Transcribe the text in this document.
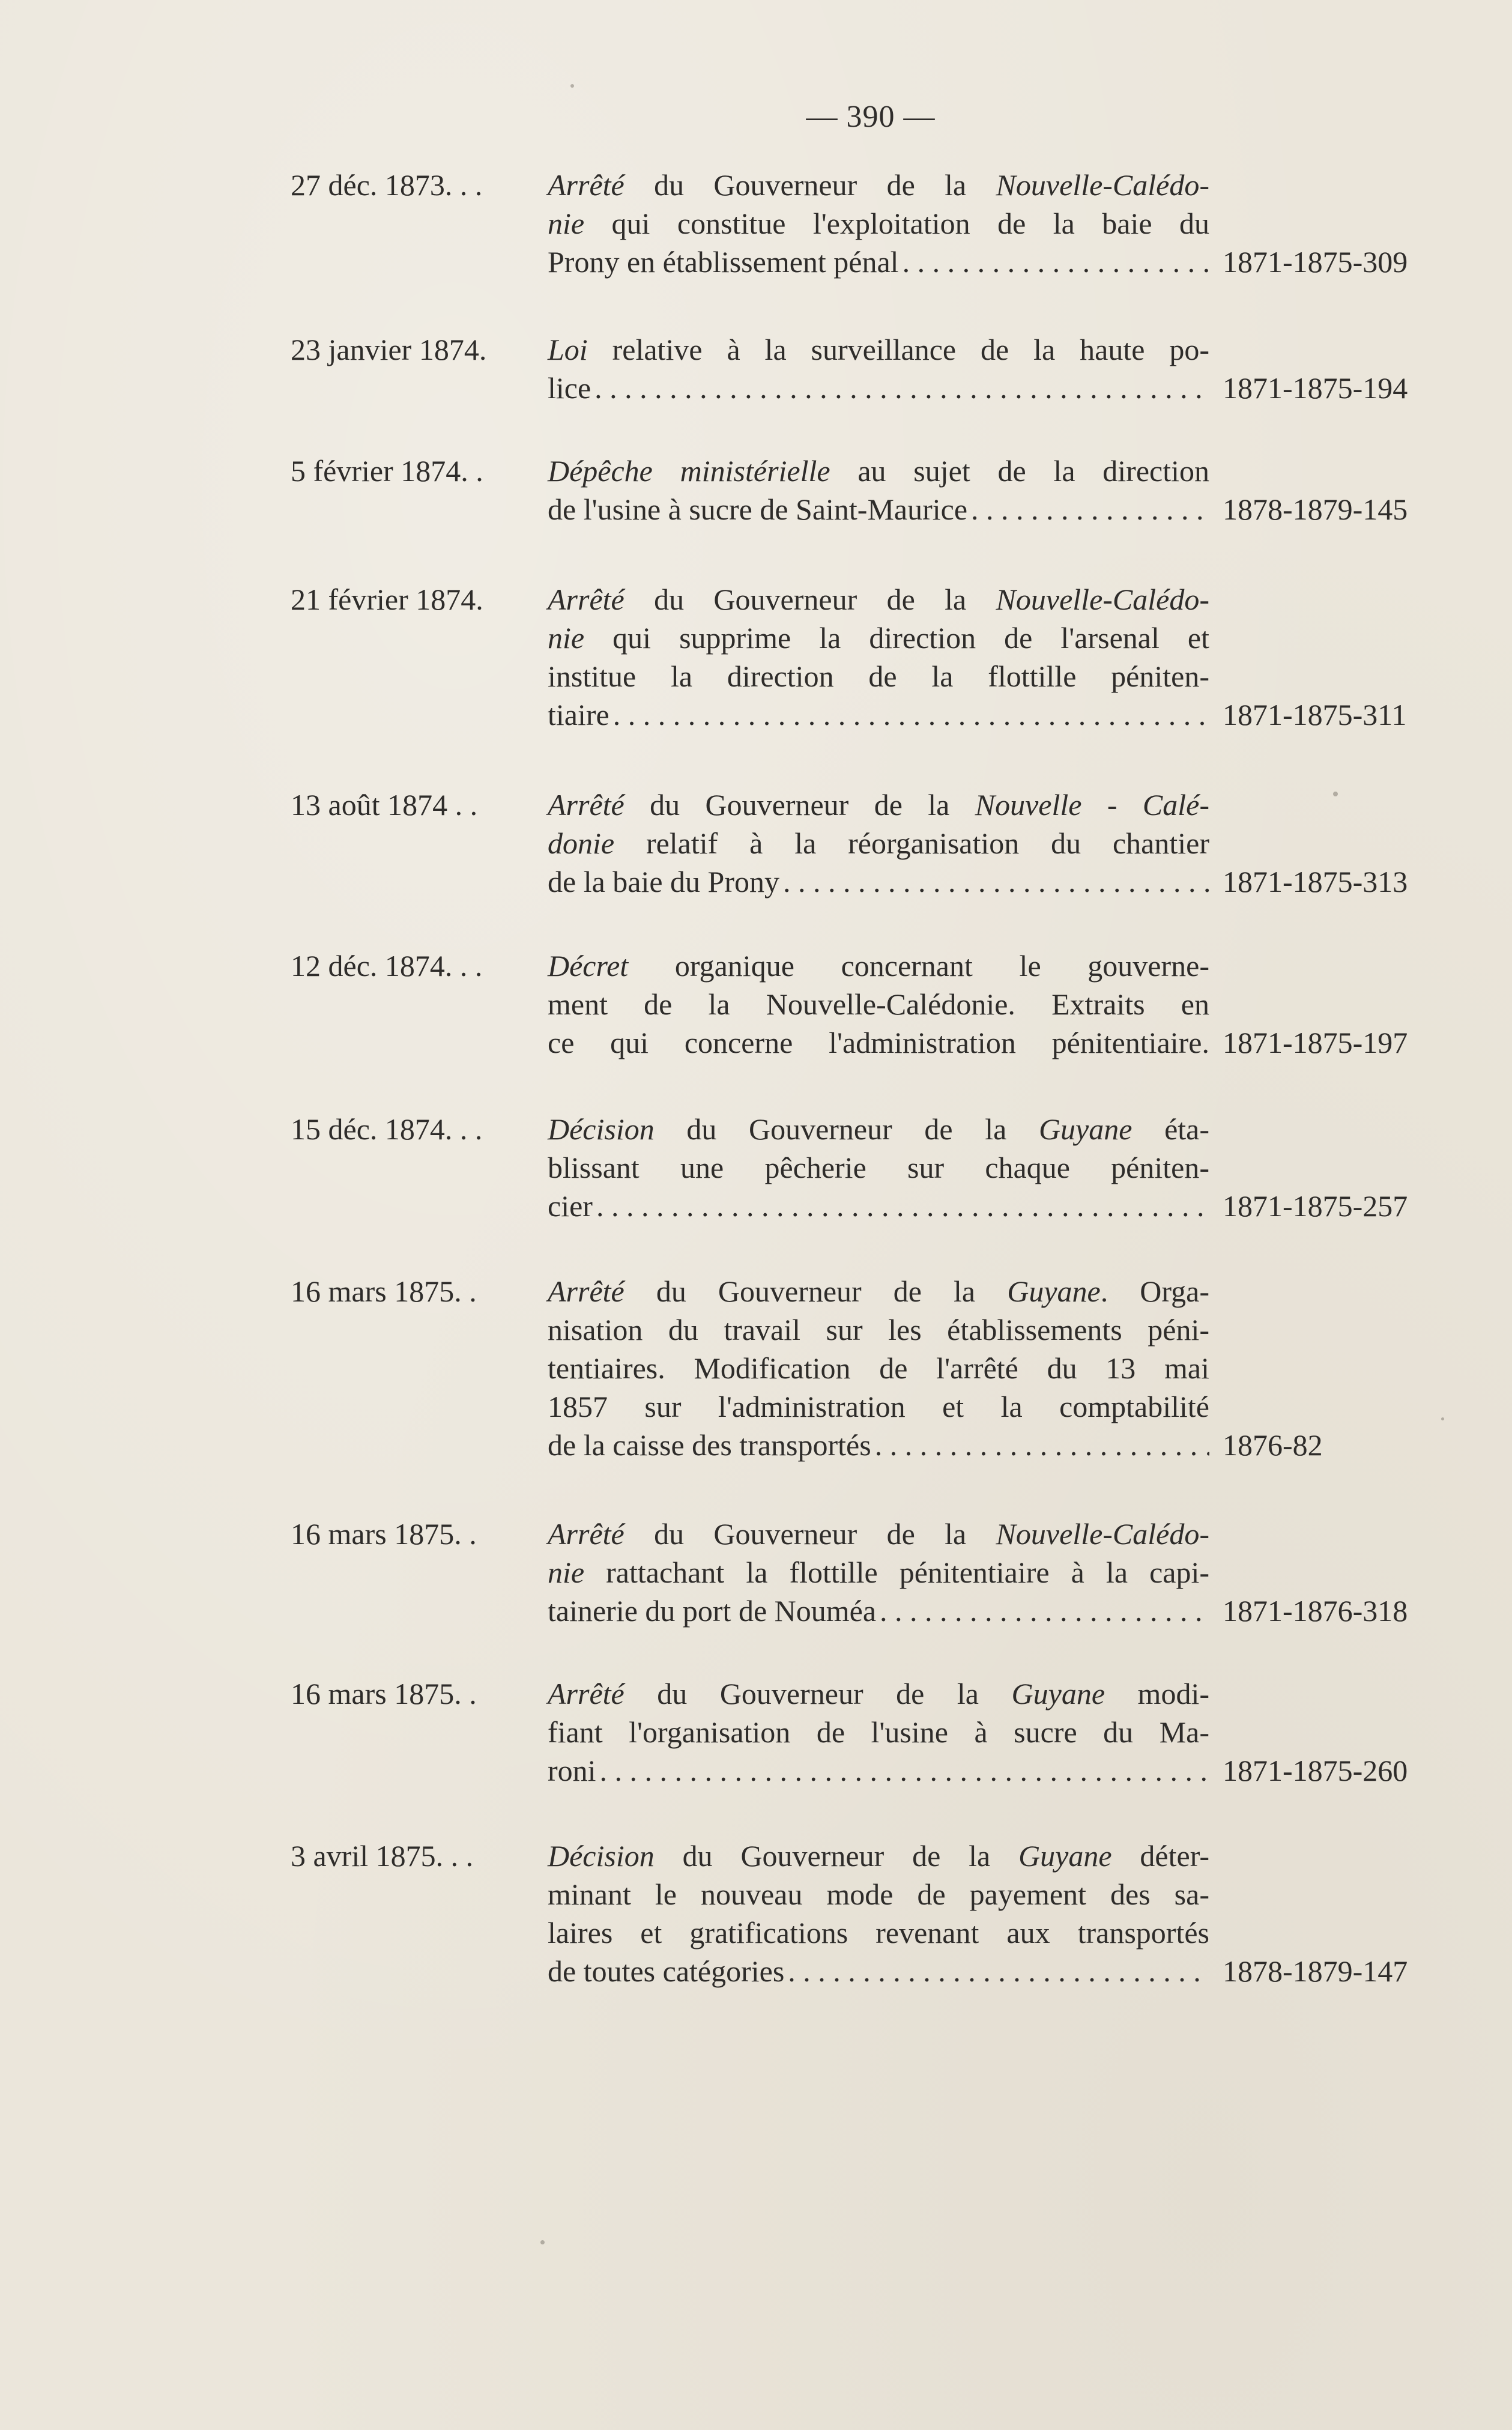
— 390 —
27 déc. 1873. . . Arrêté du Gouverneur de la Nouvelle-Calédo-
nie qui constitue l'exploitation de la baie du
Prony en établissement pénal . . .	1871-1875-309
23 janvier 1874. Loi relative à la surveillance de la haute po-
lice . . .	1871-1875-194
5 février 1874. . Dépêche ministérielle au sujet de la direction
de l'usine à sucre de Saint-Maurice . . .	1878-1879-145
21 février 1874. Arrêté du Gouverneur de la Nouvelle-Calédo-
nie qui supprime la direction de l'arsenal et
institue la direction de la flottille péniten-
tiaire . . .	1871-1875-311
13 août 1874 . . Arrêté du Gouverneur de la Nouvelle - Calé-
donie relatif à la réorganisation du chantier
de la baie du Prony . . .	1871-1875-313
12 déc. 1874. . . Décret organique concernant le gouverne-
ment de la Nouvelle-Calédonie. Extraits en
ce qui concerne l'administration pénitentiaire. 1871-1875-197
15 déc. 1874. . . Décision du Gouverneur de la Guyane éta-
blissant une pêcherie sur chaque péniten-
cier . . .	1871-1875-257
16 mars 1875. . Arrêté du Gouverneur de la Guyane. Orga-
nisation du travail sur les établissements péni-
tentiaires. Modification de l'arrêté du 13 mai
1857 sur l'administration et la comptabilité
de la caisse des transportés . . .	1876-82
16 mars 1875. . Arrêté du Gouverneur de la Nouvelle-Calédo-
nie rattachant la flottille pénitentiaire à la capi-
tainerie du port de Nouméa . . .	1871-1876-318
16 mars 1875. . Arrêté du Gouverneur de la Guyane modi-
fiant l'organisation de l'usine à sucre du Ma-
roni . . .	1871-1875-260
3 avril 1875. . . Décision du Gouverneur de la Guyane déter-
minant le nouveau mode de payement des sa-
laires et gratifications revenant aux transportés
de toutes catégories . . .	1878-1879-147
